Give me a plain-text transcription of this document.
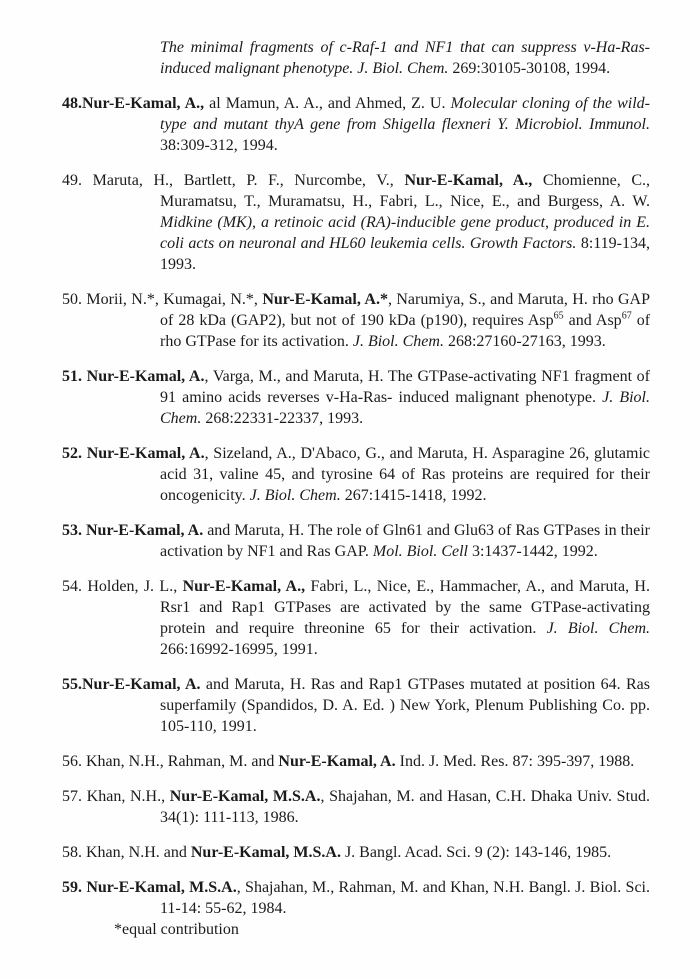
The minimal fragments of c-Raf-1 and NF1 that can suppress v-Ha-Ras-induced malignant phenotype. J. Biol. Chem. 269:30105-30108, 1994.

48.Nur-E-Kamal, A., al Mamun, A. A., and Ahmed, Z. U. Molecular cloning of the wild-type and mutant thyA gene from Shigella flexneri Y. Microbiol. Immunol. 38:309-312, 1994.

49. Maruta, H., Bartlett, P. F., Nurcombe, V., Nur-E-Kamal, A., Chomienne, C., Muramatsu, T., Muramatsu, H., Fabri, L., Nice, E., and Burgess, A. W. Midkine (MK), a retinoic acid (RA)-inducible gene product, produced in E. coli acts on neuronal and HL60 leukemia cells. Growth Factors. 8:119-134, 1993.

50. Morii, N.*, Kumagai, N.*, Nur-E-Kamal, A.*, Narumiya, S., and Maruta, H. rho GAP of 28 kDa (GAP2), but not of 190 kDa (p190), requires Asp$^{65}$ and Asp$^{67}$ of rho GTPase for its activation. J. Biol. Chem. 268:27160-27163, 1993.

51. Nur-E-Kamal, A., Varga, M., and Maruta, H. The GTPase-activating NF1 fragment of 91 amino acids reverses v-Ha-Ras- induced malignant phenotype. J. Biol. Chem. 268:22331-22337, 1993.

52. Nur-E-Kamal, A., Sizeland, A., D'Abaco, G., and Maruta, H. Asparagine 26, glutamic acid 31, valine 45, and tyrosine 64 of Ras proteins are required for their oncogenicity. J. Biol. Chem. 267:1415-1418, 1992.

53. Nur-E-Kamal, A. and Maruta, H. The role of Gln61 and Glu63 of Ras GTPases in their activation by NF1 and Ras GAP. Mol. Biol. Cell 3:1437-1442, 1992.

54. Holden, J. L., Nur-E-Kamal, A., Fabri, L., Nice, E., Hammacher, A., and Maruta, H. Rsr1 and Rap1 GTPases are activated by the same GTPase-activating protein and require threonine 65 for their activation. J. Biol. Chem. 266:16992-16995, 1991.

55.Nur-E-Kamal, A. and Maruta, H. Ras and Rap1 GTPases mutated at position 64. Ras superfamily (Spandidos, D. A. Ed. ) New York, Plenum Publishing Co. pp. 105-110, 1991.

56. Khan, N.H., Rahman, M. and Nur-E-Kamal, A. Ind. J. Med. Res. 87: 395-397, 1988.

57. Khan, N.H., Nur-E-Kamal, M.S.A., Shajahan, M. and Hasan, C.H. Dhaka Univ. Stud. 34(1): 111-113, 1986.

58. Khan, N.H. and Nur-E-Kamal, M.S.A. J. Bangl. Acad. Sci. 9 (2): 143-146, 1985.

59. Nur-E-Kamal, M.S.A., Shajahan, M., Rahman, M. and Khan, N.H. Bangl. J. Biol. Sci. 11-14: 55-62, 1984.

*equal contribution
